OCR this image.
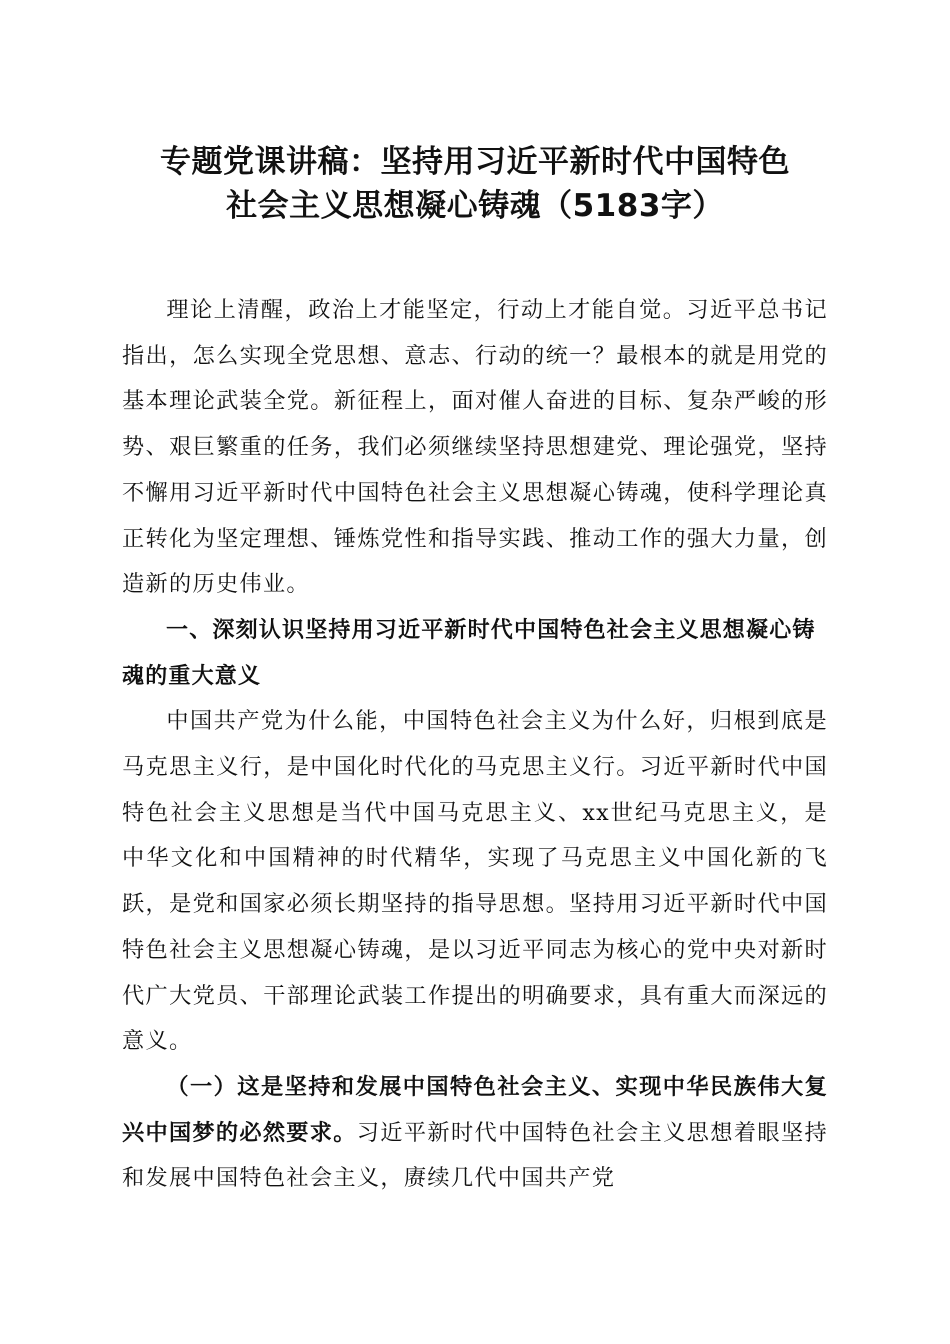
专题党课讲稿：坚持用习近平新时代中国特色
社会主义思想凝心铸魂（5183字）

理论上清醒，政治上才能坚定，行动上才能自觉。习近平总书记指出，怎么实现全党思想、意志、行动的统一？最根本的就是用党的基本理论武装全党。新征程上，面对催人奋进的目标、复杂严峻的形势、艰巨繁重的任务，我们必须继续坚持思想建党、理论强党，坚持不懈用习近平新时代中国特色社会主义思想凝心铸魂，使科学理论真正转化为坚定理想、锤炼党性和指导实践、推动工作的强大力量，创造新的历史伟业。

一、深刻认识坚持用习近平新时代中国特色社会主义思想凝心铸魂的重大意义

中国共产党为什么能，中国特色社会主义为什么好，归根到底是马克思主义行，是中国化时代化的马克思主义行。习近平新时代中国特色社会主义思想是当代中国马克思主义、xx世纪马克思主义，是中华文化和中国精神的时代精华，实现了马克思主义中国化新的飞跃，是党和国家必须长期坚持的指导思想。坚持用习近平新时代中国特色社会主义思想凝心铸魂，是以习近平同志为核心的党中央对新时代广大党员、干部理论武装工作提出的明确要求，具有重大而深远的意义。

（一）这是坚持和发展中国特色社会主义、实现中华民族伟大复兴中国梦的必然要求。习近平新时代中国特色社会主义思想着眼坚持和发展中国特色社会主义，赓续几代中国共产党
